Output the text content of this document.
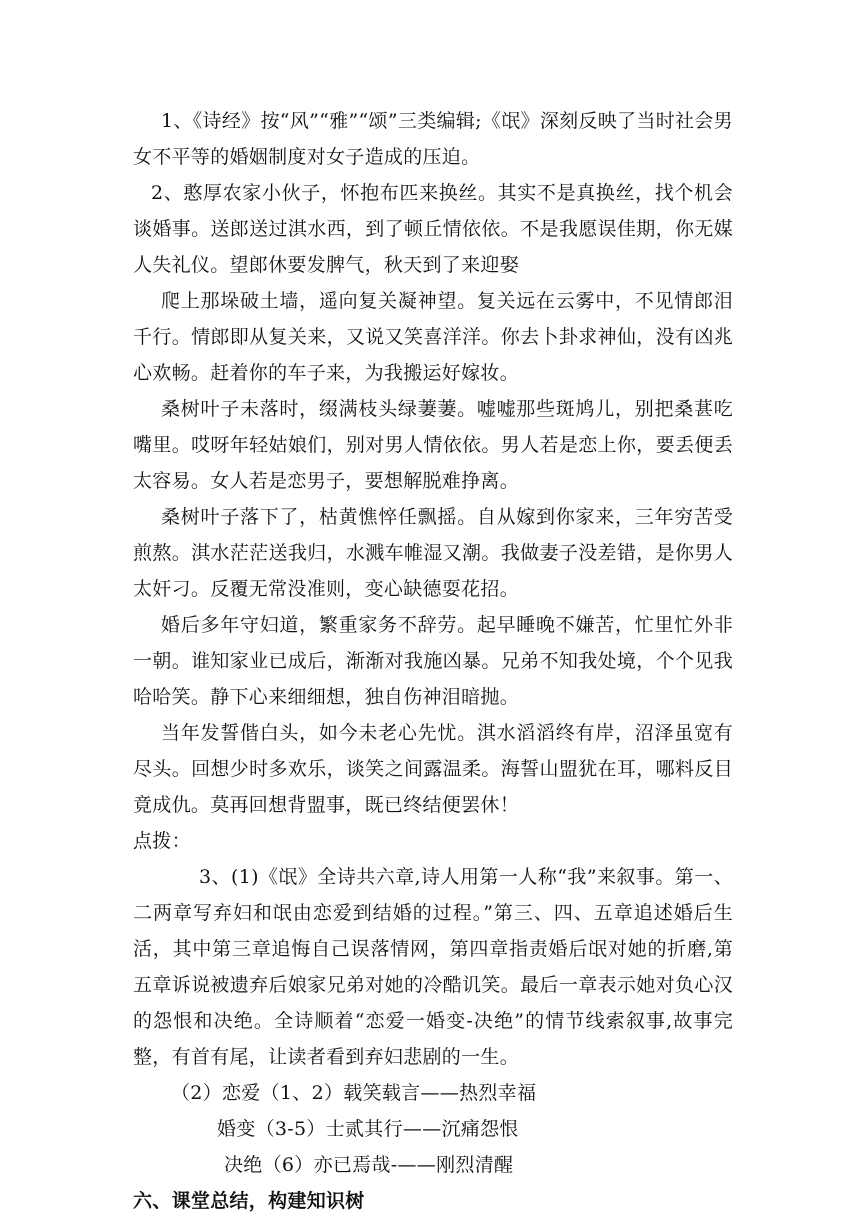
1、《诗经》按“风”“雅”“颂”三类编辑;《氓》深刻反映了当时社会男女不平等的婚姻制度对女子造成的压迫。

2、憨厚农家小伙子，怀抱布匹来换丝。其实不是真换丝，找个机会谈婚事。送郎送过淇水西，到了顿丘情依依。不是我愿误佳期，你无媒人失礼仪。望郎休要发脾气，秋天到了来迎娶

爬上那垛破土墙，遥向复关凝神望。复关远在云雾中，不见情郎泪千行。情郎即从复关来，又说又笑喜洋洋。你去卜卦求神仙，没有凶兆心欢畅。赶着你的车子来，为我搬运好嫁妆。

桑树叶子未落时，缀满枝头绿萋萋。嘘嘘那些斑鸠儿，别把桑葚吃嘴里。哎呀年轻姑娘们，别对男人情依依。男人若是恋上你，要丢便丢太容易。女人若是恋男子，要想解脱难挣离。

桑树叶子落下了，枯黄憔悴任飘摇。自从嫁到你家来，三年穷苦受煎熬。淇水茫茫送我归，水溅车帷湿又潮。我做妻子没差错，是你男人太奸刁。反覆无常没准则，变心缺德耍花招。

婚后多年守妇道，繁重家务不辞劳。起早睡晚不嫌苦，忙里忙外非一朝。谁知家业已成后，渐渐对我施凶暴。兄弟不知我处境，个个见我哈哈笑。静下心来细细想，独自伤神泪暗抛。

当年发誓偕白头，如今未老心先忧。淇水滔滔终有岸，沼泽虽宽有尽头。回想少时多欢乐，谈笑之间露温柔。海誓山盟犹在耳，哪料反目竟成仇。莫再回想背盟事，既已终结便罢休！

点拨：

3、(1)《氓》全诗共六章,诗人用第一人称“我”来叙事。第一、二两章写弃妇和氓由恋爱到结婚的过程。”第三、四、五章追述婚后生活，其中第三章追悔自己误落情网，第四章指责婚后氓对她的折磨,第五章诉说被遗弃后娘家兄弟对她的冷酷讥笑。最后一章表示她对负心汉的怨恨和决绝。全诗顺着“恋爱一婚变-决绝”的情节线索叙事,故事完整，有首有尾，让读者看到弃妇悲剧的一生。

（2）恋爱（1、2）载笑载言——热烈幸福

婚变（3-5）士贰其行——沉痛怨恨

决绝（6）亦已焉哉-——刚烈清醒

六、课堂总结，构建知识树
